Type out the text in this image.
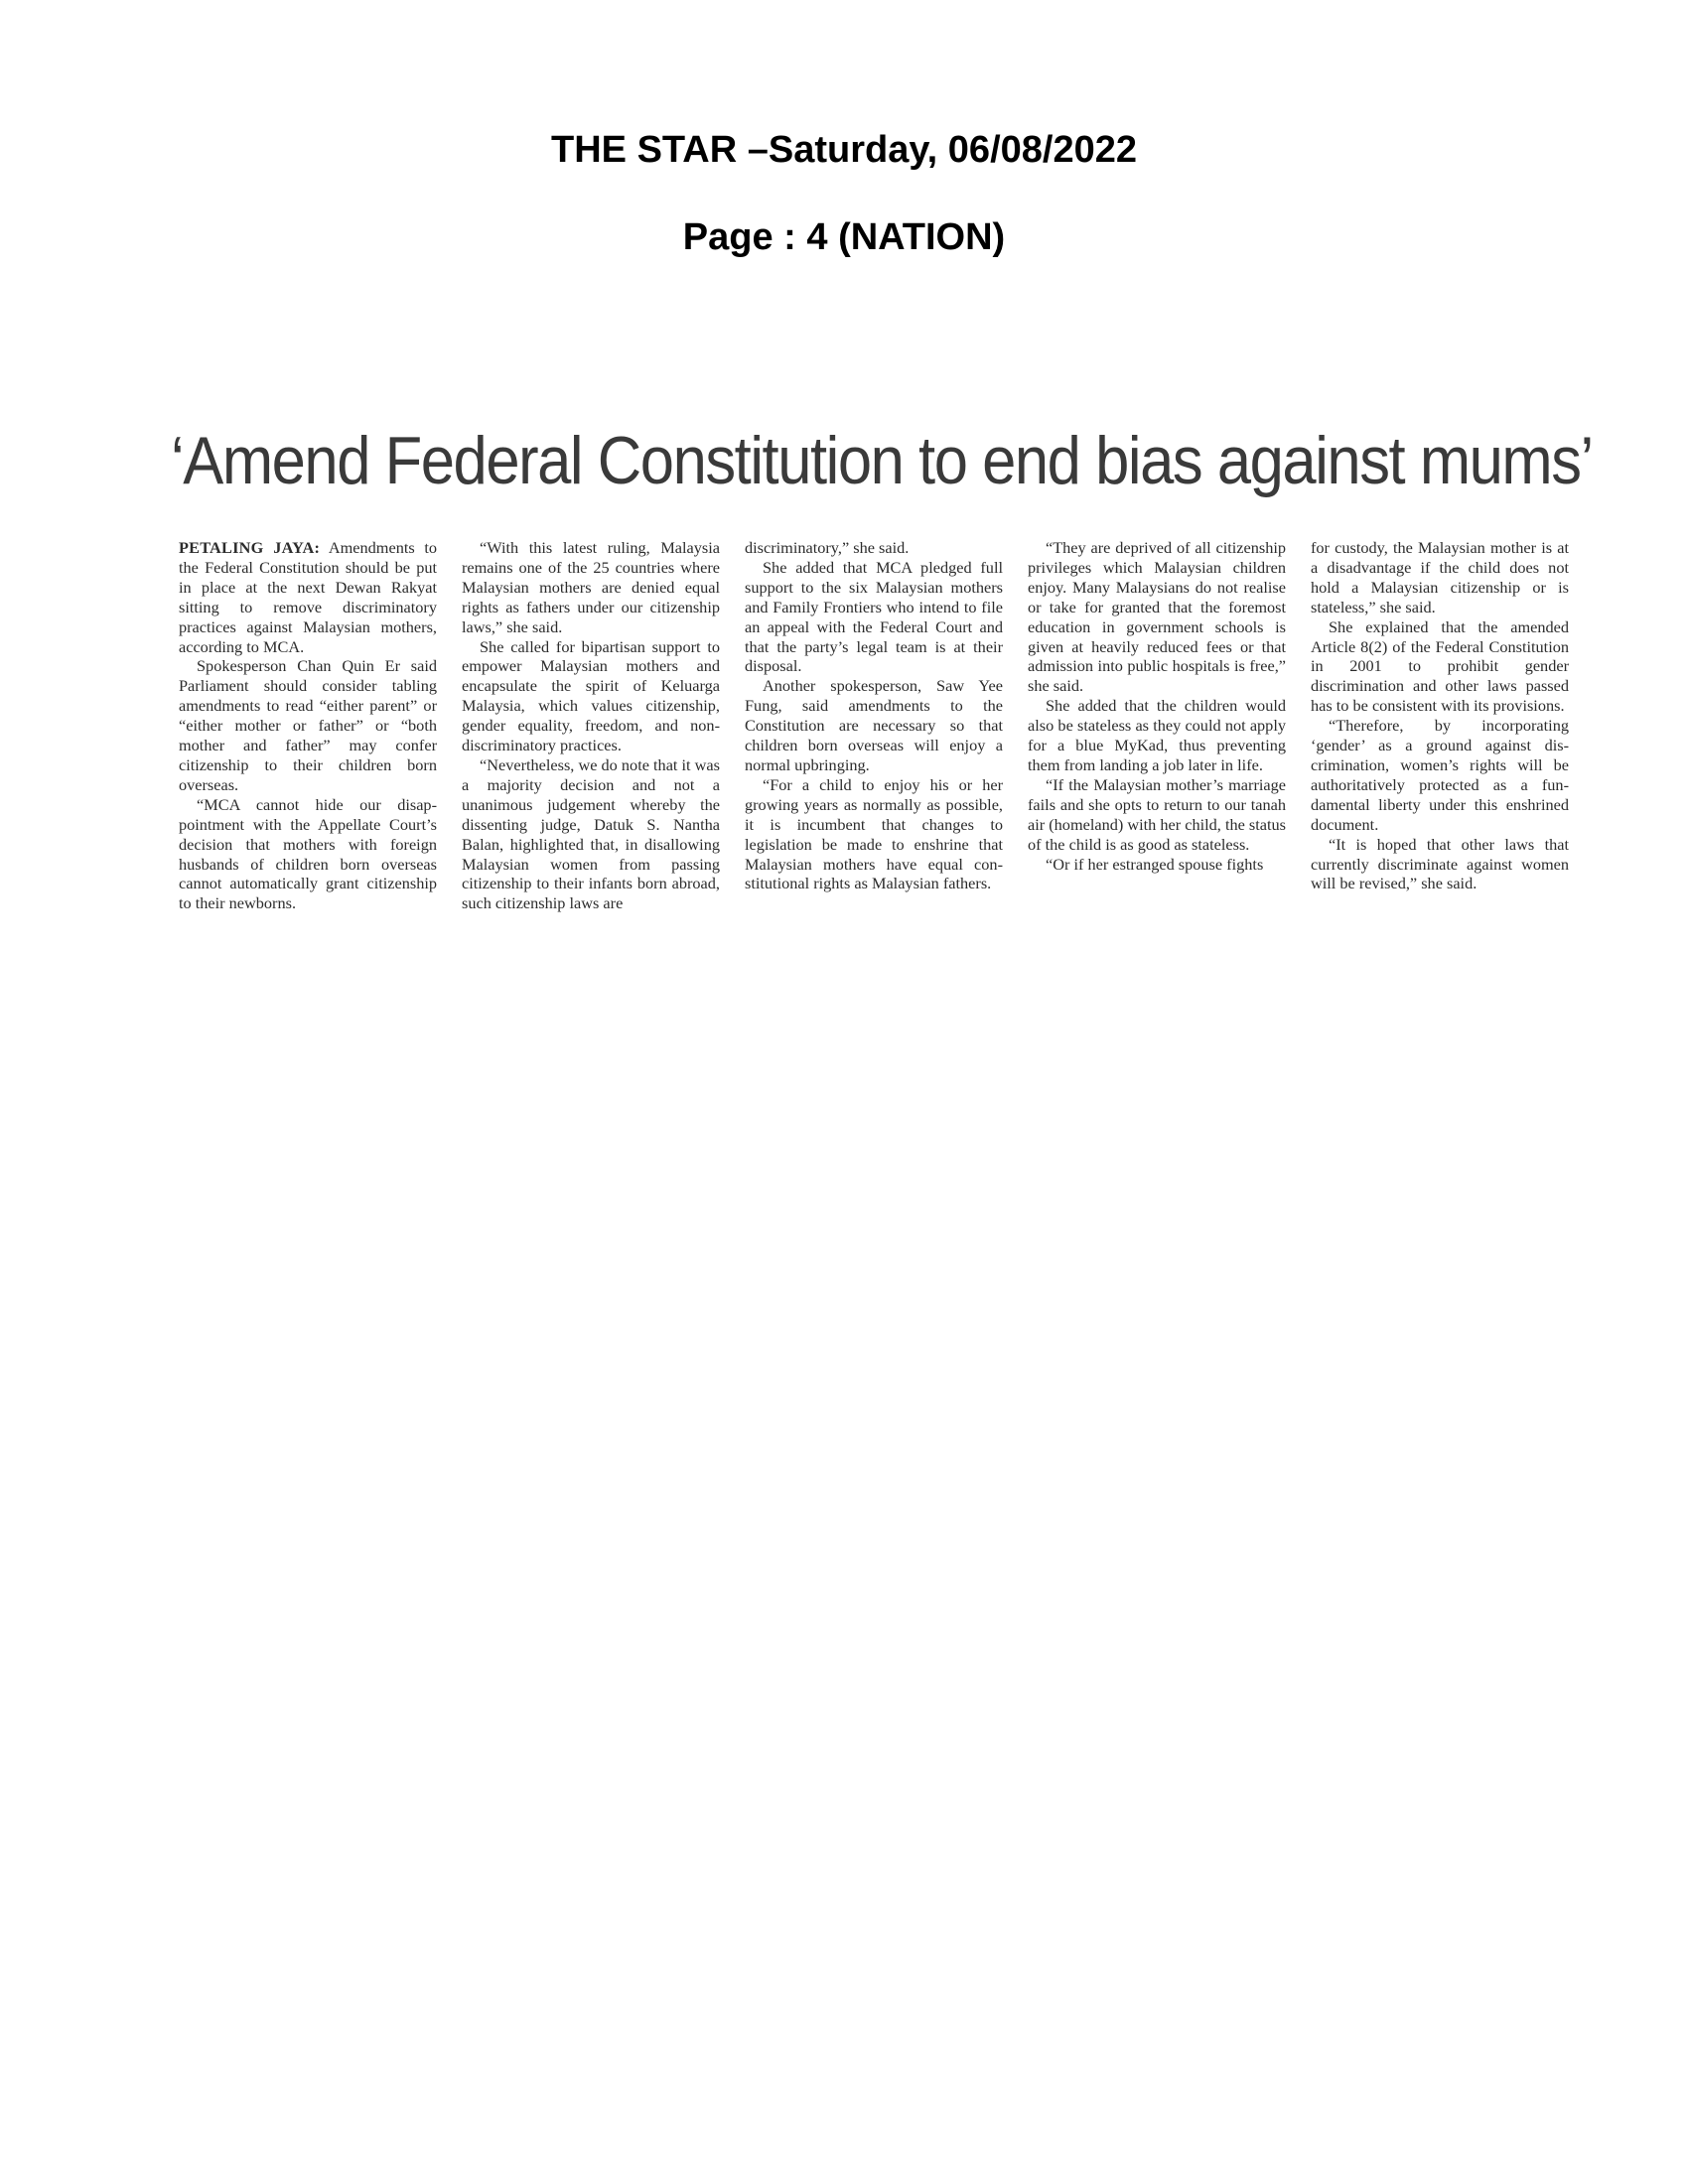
THE STAR –Saturday, 06/08/2022
Page : 4 (NATION)
‘Amend Federal Constitution to end bias against mums’

PETALING JAYA: Amendments to the Federal Constitution should be put in place at the next Dewan Rakyat sitting to remove discriminatory practices against Malaysian mothers, according to MCA.

Spokesperson Chan Quin Er said Parliament should consider tabling amendments to read “either parent” or “either mother or father” or “both mother and father” may confer citizenship to their children born overseas.

“MCA cannot hide our disappointment with the Appellate Court’s decision that mothers with foreign husbands of children born overseas cannot automatically grant citizenship to their newborns.

“With this latest ruling, Malaysia remains one of the 25 countries where Malaysian mothers are denied equal rights as fathers under our citizenship laws,” she said.

She called for bipartisan support to empower Malaysian mothers and encapsulate the spirit of Keluarga Malaysia, which values citizenship, gender equality, freedom, and non-discriminatory practices.

“Nevertheless, we do note that it was a majority decision and not a unanimous judgement whereby the dissenting judge, Datuk S. Nantha Balan, highlighted that, in disallowing Malaysian women from passing citizenship to their infants born abroad, such citizenship laws are

discriminatory,” she said.

She added that MCA pledged full support to the six Malaysian mothers and Family Frontiers who intend to file an appeal with the Federal Court and that the party’s legal team is at their disposal.

Another spokesperson, Saw Yee Fung, said amendments to the Constitution are necessary so that children born overseas will enjoy a normal upbringing.

“For a child to enjoy his or her growing years as normally as possible, it is incumbent that changes to legislation be made to enshrine that Malaysian mothers have equal constitutional rights as Malaysian fathers.

“They are deprived of all citizenship privileges which Malaysian children enjoy. Many Malaysians do not realise or take for granted that the foremost education in government schools is given at heavily reduced fees or that admission into public hospitals is free,” she said.

She added that the children would also be stateless as they could not apply for a blue MyKad, thus preventing them from landing a job later in life.

“If the Malaysian mother’s marriage fails and she opts to return to our tanah air (homeland) with her child, the status of the child is as good as stateless.

“Or if her estranged spouse fights

for custody, the Malaysian mother is at a disadvantage if the child does not hold a Malaysian citizenship or is stateless,” she said.

She explained that the amended Article 8(2) of the Federal Constitution in 2001 to prohibit gender discrimination and other laws passed has to be consistent with its provisions.

“Therefore, by incorporating ‘gender’ as a ground against discrimination, women’s rights will be authoritatively protected as a fundamental liberty under this enshrined document.

“It is hoped that other laws that currently discriminate against women will be revised,” she said.
